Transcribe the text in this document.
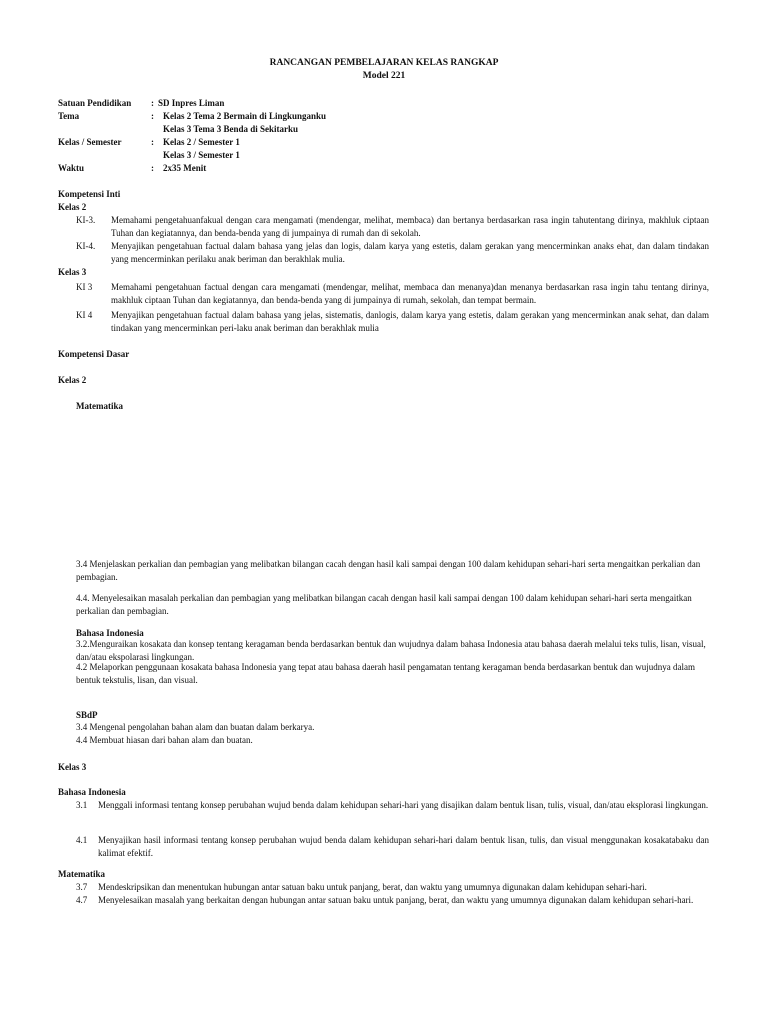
RANCANGAN PEMBELAJARAN KELAS RANGKAP
Model 221
Satuan Pendidikan : SD Inpres Liman
Tema	: Kelas 2 Tema 2 Bermain di Lingkunganku
Kelas 3 Tema 3 Benda di Sekitarku
Kelas / Semester	: Kelas 2 / Semester 1
Kelas 3 / Semester 1
Waktu	: 2x35 Menit
Kompetensi Inti
Kelas 2
KI-3. Memahami pengetahuanfakual dengan cara mengamati (mendengar, melihat, membaca) dan bertanya berdasarkan rasa ingin tahutentang dirinya, makhluk ciptaan Tuhan dan kegiatannya, dan benda-benda yang di jumpainya di rumah dan di sekolah.
KI-4. Menyajikan pengetahuan factual dalam bahasa yang jelas dan logis, dalam karya yang estetis, dalam gerakan yang mencerminkan anaks ehat, dan dalam tindakan yang mencerminkan perilaku anak beriman dan berakhlak mulia.
Kelas 3
KI 3 Memahami pengetahuan factual dengan cara mengamati (mendengar, melihat, membaca dan menanya)dan menanya berdasarkan rasa ingin tahu tentang dirinya, makhluk ciptaan Tuhan dan kegiatannya, dan benda-benda yang di jumpainya di rumah, sekolah, dan tempat bermain.
KI 4 Menyajikan pengetahuan factual dalam bahasa yang jelas, sistematis, danlogis, dalam karya yang estetis, dalam gerakan yang mencerminkan anak sehat, dan dalam tindakan yang mencerminkan peri-laku anak beriman dan berakhlak mulia
Kompetensi Dasar
Kelas 2
Matematika
3.4 Menjelaskan perkalian dan pembagian yang melibatkan bilangan cacah dengan hasil kali sampai dengan 100 dalam kehidupan sehari-hari serta mengaitkan perkalian dan pembagian.
4.4. Menyelesaikan masalah perkalian dan pembagian yang melibatkan bilangan cacah dengan hasil kali sampai dengan 100 dalam kehidupan sehari-hari serta mengaitkan perkalian dan pembagian.
Bahasa Indonesia
3.2.Menguraikan kosakata dan konsep tentang keragaman benda berdasarkan bentuk dan wujudnya dalam bahasa Indonesia atau bahasa daerah melalui teks tulis, lisan, visual, dan/atau ekspolarasi lingkungan.
4.2 Melaporkan penggunaan kosakata bahasa Indonesia yang tepat atau bahasa daerah hasil pengamatan tentang keragaman benda berdasarkan bentuk dan wujudnya dalam bentuk tekstulis, lisan, dan visual.
SBdP
3.4 Mengenal pengolahan bahan alam dan buatan dalam berkarya.
4.4 Membuat hiasan dari bahan alam dan buatan.
Kelas 3
Bahasa Indonesia
3.1 Menggali informasi tentang konsep perubahan wujud benda dalam kehidupan sehari-hari yang disajikan dalam bentuk lisan, tulis, visual, dan/atau eksplorasi lingkungan.
4.1 Menyajikan hasil informasi tentang konsep perubahan wujud benda dalam kehidupan sehari-hari dalam bentuk lisan, tulis, dan visual menggunakan kosakatabaku dan kalimat efektif.
Matematika
3.7 Mendeskripsikan dan menentukan hubungan antar satuan baku untuk panjang, berat, dan waktu yang umumnya digunakan dalam kehidupan sehari-hari.
4.7 Menyelesaikan masalah yang berkaitan dengan hubungan antar satuan baku untuk panjang, berat, dan waktu yang umumnya digunakan dalam kehidupan sehari-hari.
